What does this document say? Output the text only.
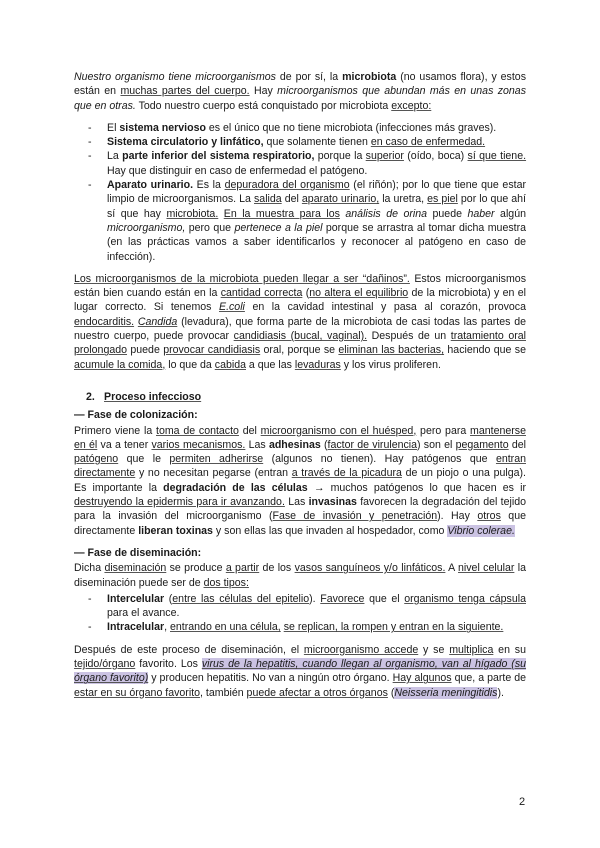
Nuestro organismo tiene microorganismos de por sí, la microbiota (no usamos flora), y estos están en muchas partes del cuerpo. Hay microorganismos que abundan más en unas zonas que en otras. Todo nuestro cuerpo está conquistado por microbiota excepto:

- El sistema nervioso es el único que no tiene microbiota (infecciones más graves).
- Sistema circulatorio y linfático, que solamente tienen en caso de enfermedad.
- La parte inferior del sistema respiratorio, porque la superior (oído, boca) sí que tiene. Hay que distinguir en caso de enfermedad el patógeno.
- Aparato urinario. Es la depuradora del organismo (el riñón); por lo que tiene que estar limpio de microorganismos. La salida del aparato urinario, la uretra, es piel por lo que ahí sí que hay microbiota. En la muestra para los análisis de orina puede haber algún microorganismo, pero que pertenece a la piel porque se arrastra al tomar dicha muestra (en las prácticas vamos a saber identificarlos y reconocer al patógeno en caso de infección).

Los microorganismos de la microbiota pueden llegar a ser “dañinos”. Estos microorganismos están bien cuando están en la cantidad correcta (no altera el equilibrio de la microbiota) y en el lugar correcto. Si tenemos E.coli en la cavidad intestinal y pasa al corazón, provoca endocarditis. Candida (levadura), que forma parte de la microbiota de casi todas las partes de nuestro cuerpo, puede provocar candidiasis (bucal, vaginal). Después de un tratamiento oral prolongado puede provocar candidiasis oral, porque se eliminan las bacterias, haciendo que se acumule la comida, lo que da cabida a que las levaduras y los virus proliferen.

2. Proceso infeccioso
— Fase de colonización:

Primero viene la toma de contacto del microorganismo con el huésped, pero para mantenerse en él va a tener varios mecanismos. Las adhesinas (factor de virulencia) son el pegamento del patógeno que le permiten adherirse (algunos no tienen). Hay patógenos que entran directamente y no necesitan pegarse (entran a través de la picadura de un piojo o una pulga). Es importante la degradación de las células → muchos patógenos lo que hacen es ir destruyendo la epidermis para ir avanzando. Las invasinas favorecen la degradación del tejido para la invasión del microorganismo (Fase de invasión y penetración). Hay otros que directamente liberan toxinas y son ellas las que invaden al hospedador, como Vibrio colerae.

— Fase de diseminación:

Dicha diseminación se produce a partir de los vasos sanguíneos y/o linfáticos. A nivel celular la diseminación puede ser de dos tipos:

- Intercelular (entre las células del epitelio). Favorece que el organismo tenga cápsula para el avance.
- Intracelular, entrando en una célula, se replican, la rompen y entran en la siguiente.

Después de este proceso de diseminación, el microorganismo accede y se multiplica en su tejido/órgano favorito. Los virus de la hepatitis, cuando llegan al organismo, van al hígado (su órgano favorito) y producen hepatitis. No van a ningún otro órgano. Hay algunos que, a parte de estar en su órgano favorito, también puede afectar a otros órganos (Neisseria meningitidis).

2
